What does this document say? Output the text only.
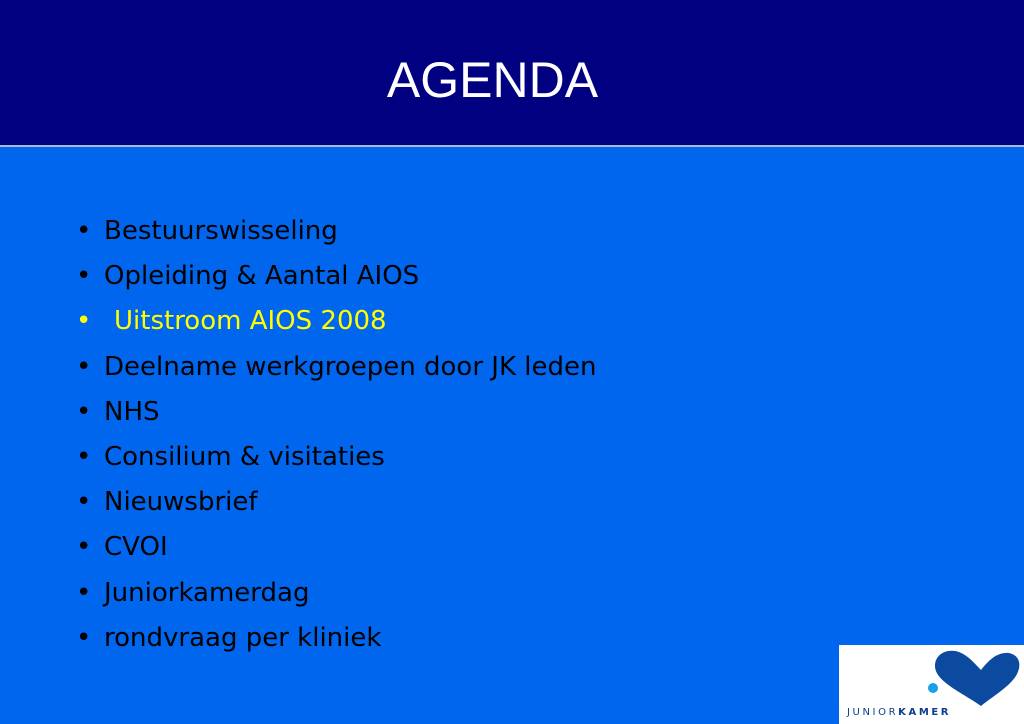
AGENDA
• Bestuurswisseling
• Opleiding & Aantal AIOS
• Uitstroom AIOS 2008
• Deelname werkgroepen door JK leden
• NHS
• Consilium & visitaties
• Nieuwsbrief
• CVOI
• Juniorkamerdag
• rondvraag per kliniek
JUNIORKAMER
